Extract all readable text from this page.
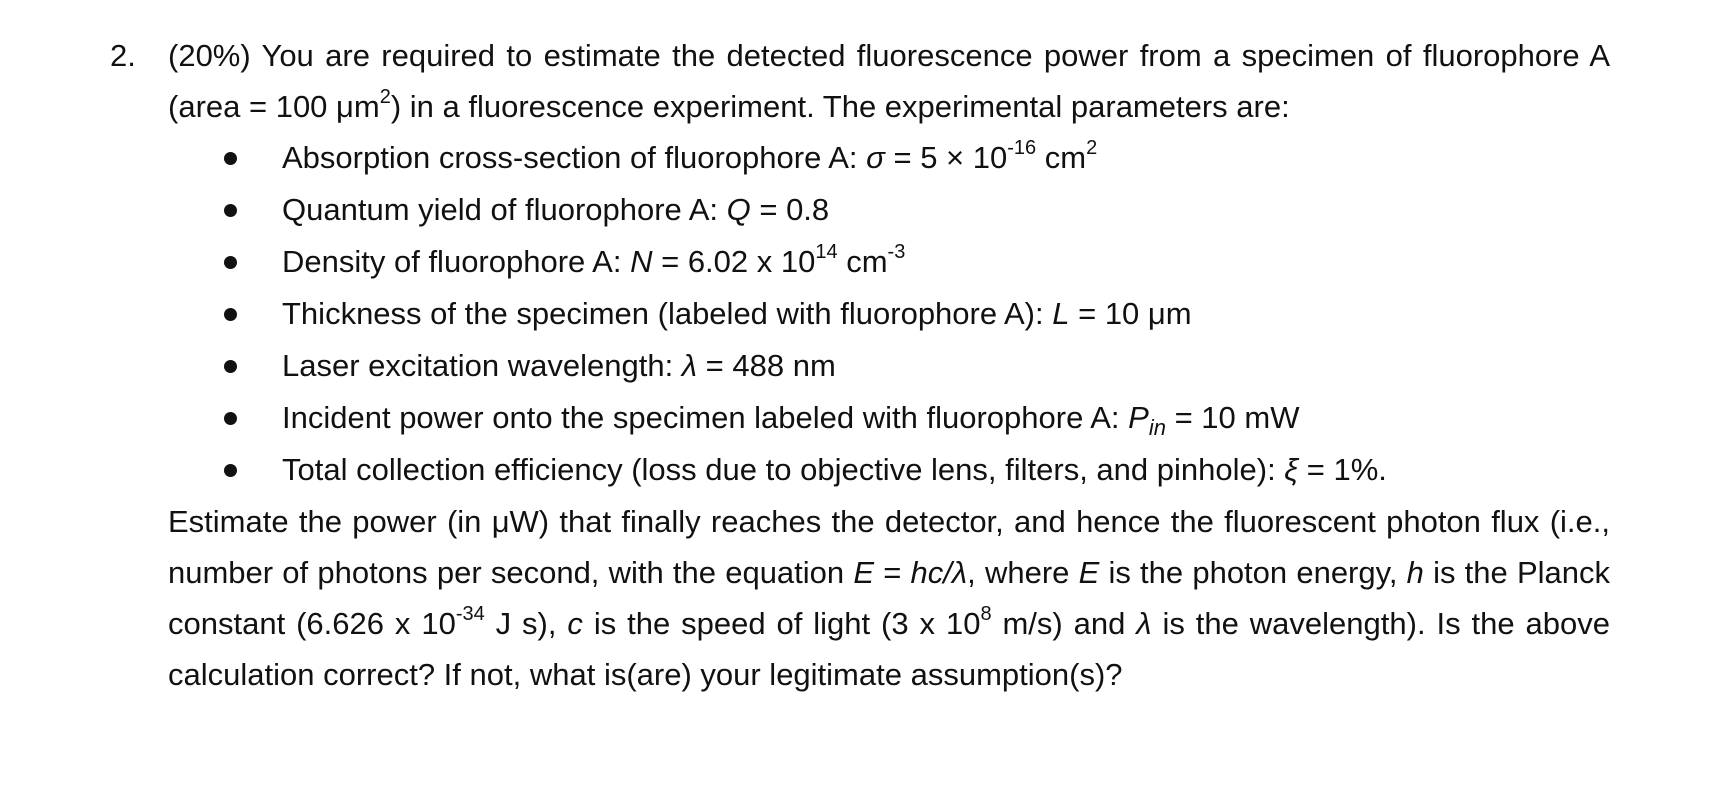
2. (20%) You are required to estimate the detected fluorescence power from a specimen of fluorophore A (area = 100 $\mu m^2$) in a fluorescence experiment. The experimental parameters are:
Absorption cross-section of fluorophore A: $\sigma = 5 \times 10^{-16}$ $cm^2$
Quantum yield of fluorophore A: Q = 0.8
Density of fluorophore A: N = 6.02 x $10^{14}$ $cm^{-3}$
Thickness of the specimen (labeled with fluorophore A): L = 10 μm
Laser excitation wavelength: λ = 488 nm
Incident power onto the specimen labeled with fluorophore A: $P_{in} = 10$ mW
Total collection efficiency (loss due to objective lens, filters, and pinhole): ξ = 1%.
Estimate the power (in μW) that finally reaches the detector, and hence the fluorescent photon flux (i.e., number of photons per second, with the equation E = hc/λ, where E is the photon energy, h is the Planck constant (6.626 x $10^{-34}$ J s), c is the speed of light (3 x $10^8$ m/s) and λ is the wavelength). Is the above calculation correct? If not, what is(are) your legitimate assumption(s)?
